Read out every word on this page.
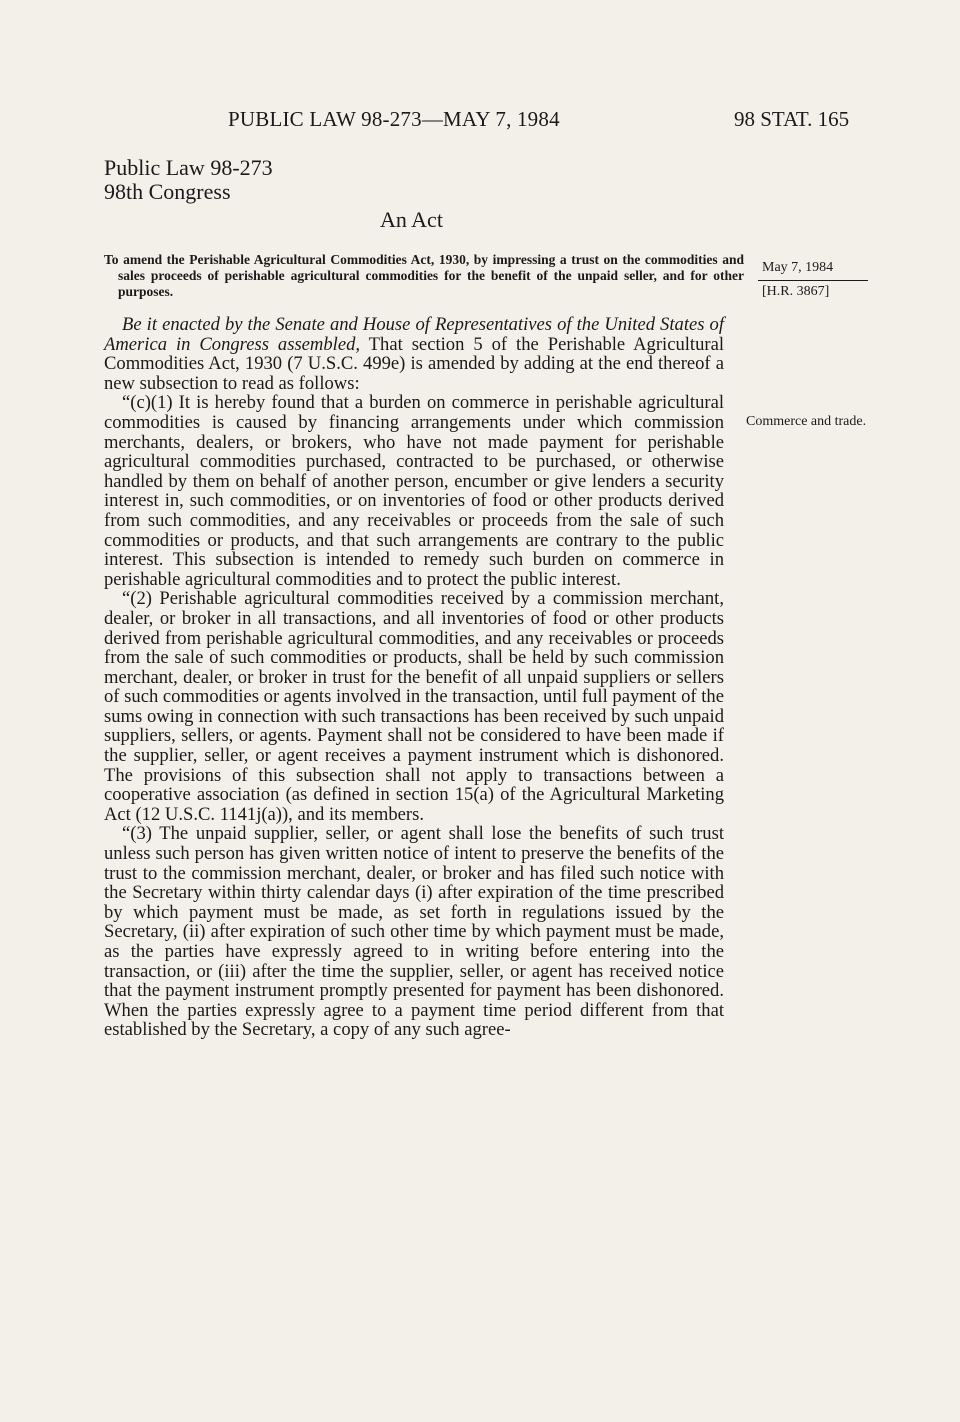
PUBLIC LAW 98-273—MAY 7, 1984	98 STAT. 165
Public Law 98-273
98th Congress
An Act
To amend the Perishable Agricultural Commodities Act, 1930, by impressing a trust on the commodities and sales proceeds of perishable agricultural commodities for the benefit of the unpaid seller, and for other purposes.
May 7, 1984
[H.R. 3867]
Commerce and trade.

Be it enacted by the Senate and House of Representatives of the United States of America in Congress assembled, That section 5 of the Perishable Agricultural Commodities Act, 1930 (7 U.S.C. 499e) is amended by adding at the end thereof a new subsection to read as follows:

“(c)(1) It is hereby found that a burden on commerce in perishable agricultural commodities is caused by financing arrangements under which commission merchants, dealers, or brokers, who have not made payment for perishable agricultural commodities purchased, contracted to be purchased, or otherwise handled by them on behalf of another person, encumber or give lenders a security interest in, such commodities, or on inventories of food or other products derived from such commodities, and any receivables or proceeds from the sale of such commodities or products, and that such arrangements are contrary to the public interest. This subsection is intended to remedy such burden on commerce in perishable agricultural commodities and to protect the public interest.

“(2) Perishable agricultural commodities received by a commission merchant, dealer, or broker in all transactions, and all inventories of food or other products derived from perishable agricultural commodities, and any receivables or proceeds from the sale of such commodities or products, shall be held by such commission merchant, dealer, or broker in trust for the benefit of all unpaid suppliers or sellers of such commodities or agents involved in the transaction, until full payment of the sums owing in connection with such transactions has been received by such unpaid suppliers, sellers, or agents. Payment shall not be considered to have been made if the supplier, seller, or agent receives a payment instrument which is dishonored. The provisions of this subsection shall not apply to transactions between a cooperative association (as defined in section 15(a) of the Agricultural Marketing Act (12 U.S.C. 1141j(a)), and its members.

“(3) The unpaid supplier, seller, or agent shall lose the benefits of such trust unless such person has given written notice of intent to preserve the benefits of the trust to the commission merchant, dealer, or broker and has filed such notice with the Secretary within thirty calendar days (i) after expiration of the time prescribed by which payment must be made, as set forth in regulations issued by the Secretary, (ii) after expiration of such other time by which payment must be made, as the parties have expressly agreed to in writing before entering into the transaction, or (iii) after the time the supplier, seller, or agent has received notice that the payment instrument promptly presented for payment has been dishonored. When the parties expressly agree to a payment time period different from that established by the Secretary, a copy of any such agree-
